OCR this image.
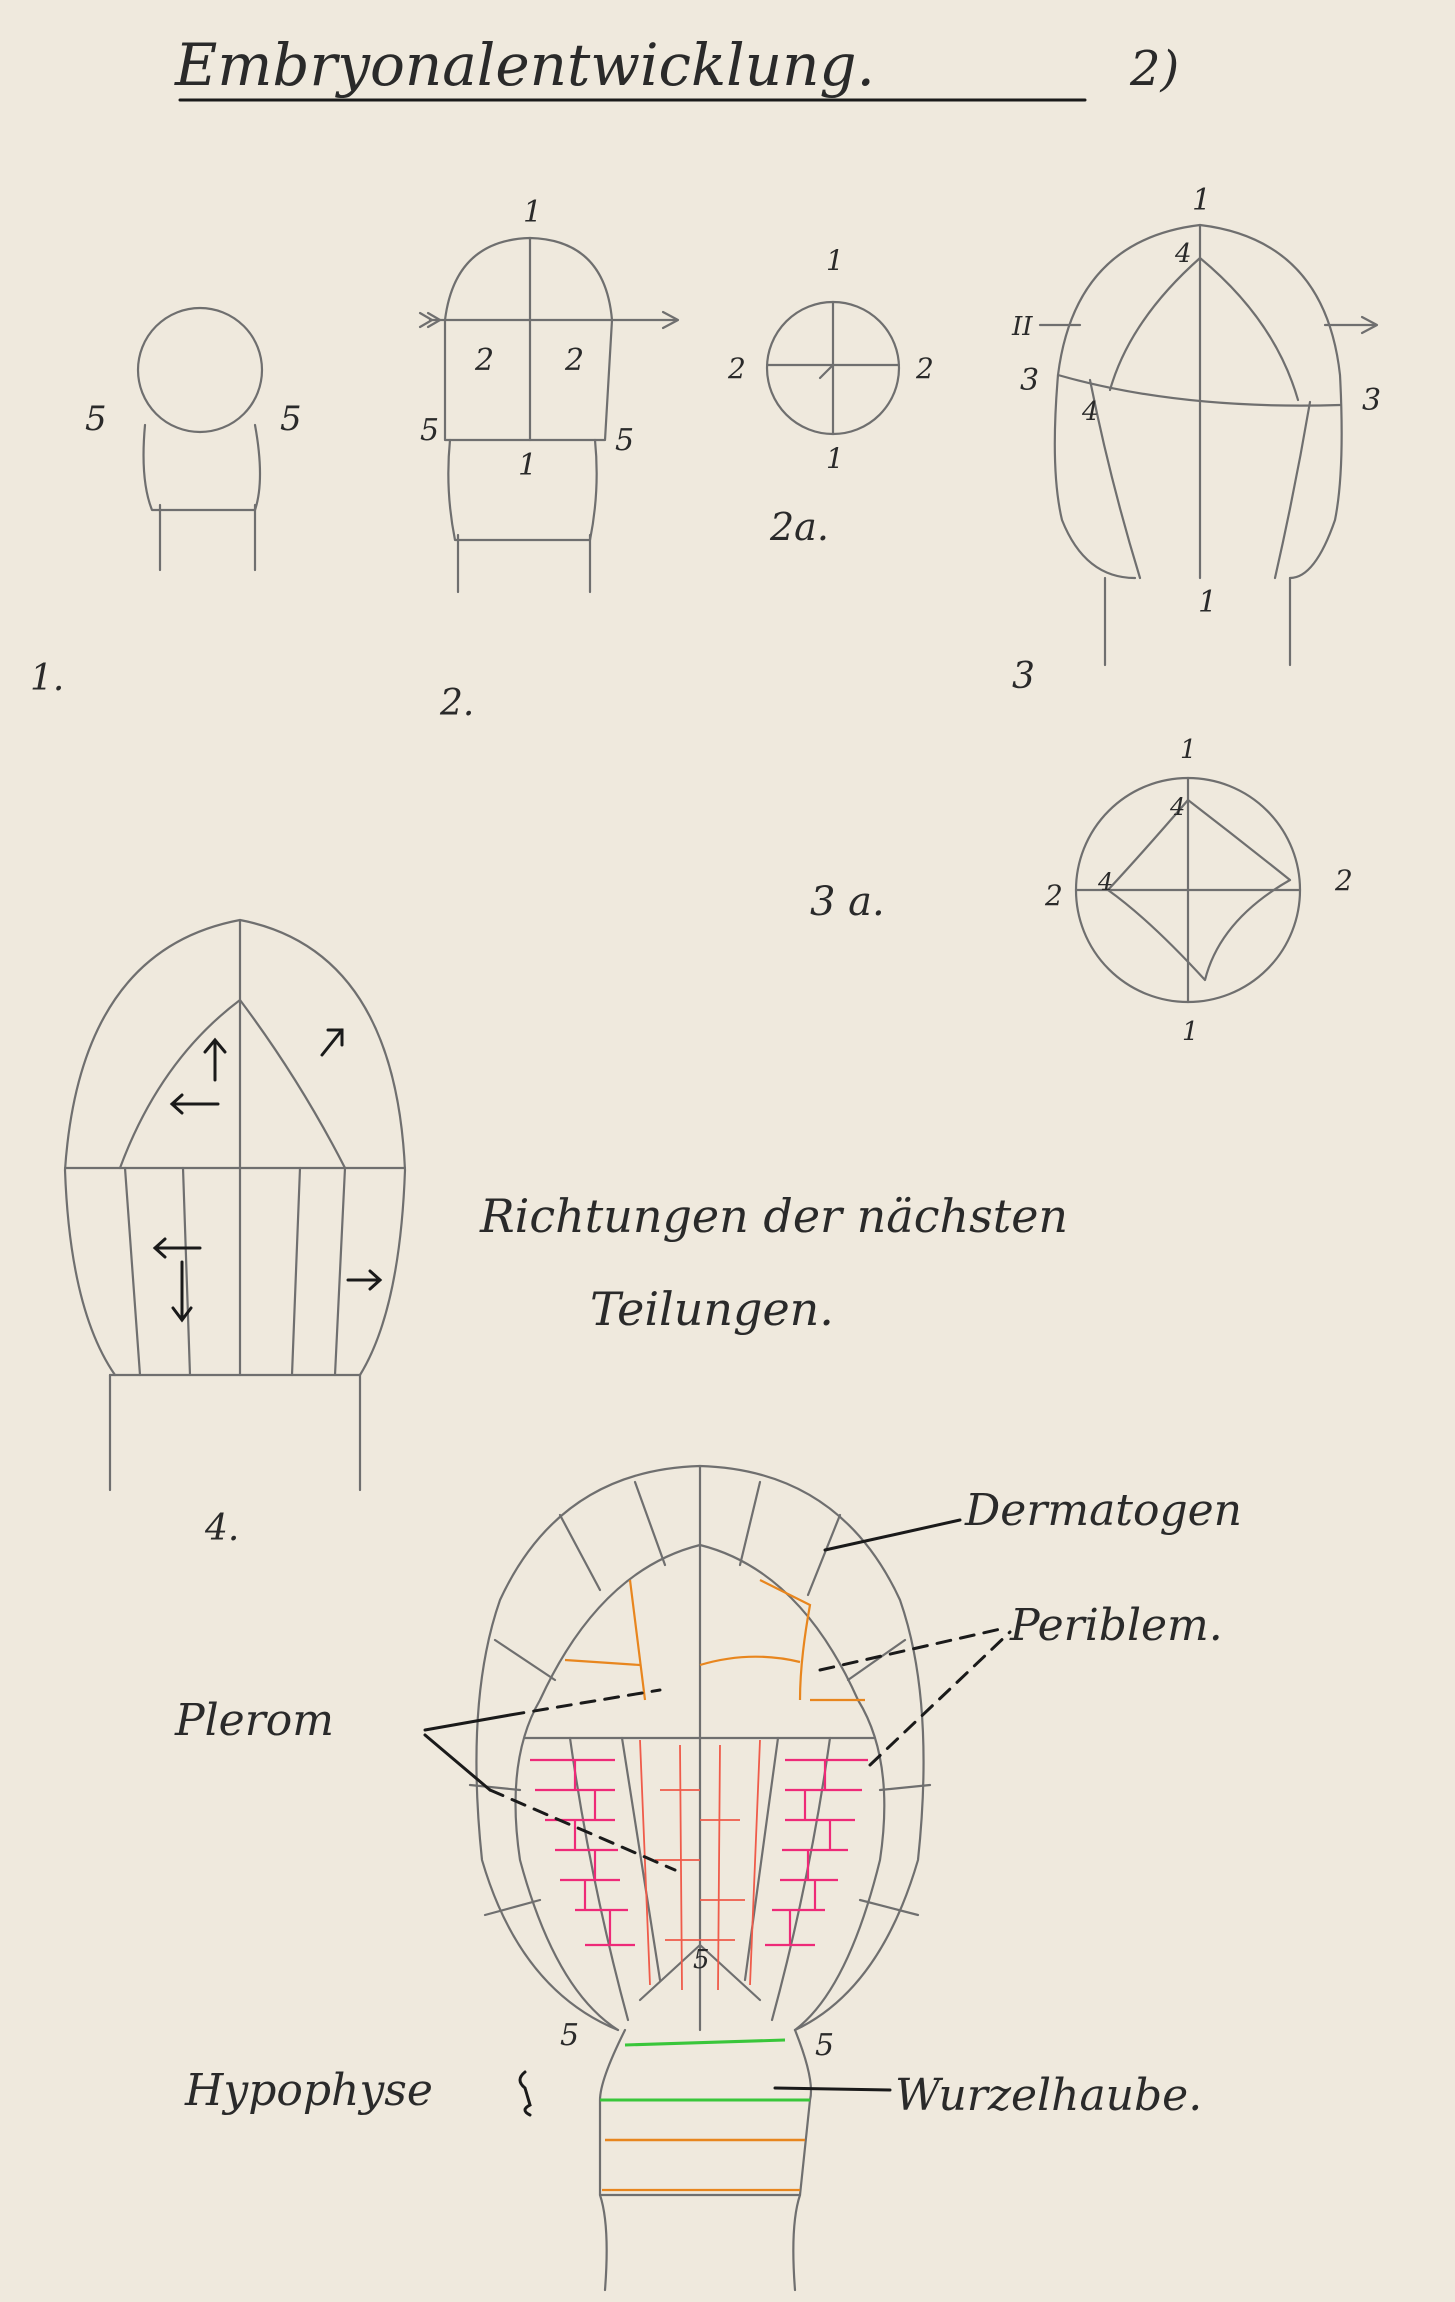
Embryonalentwicklung.	2)
5	5
1.
1
2 2
5	5
1
2.
1
2	2
1
2a.
1
4
II
3
3
4
1
3
1
4
2 4	2
1
3 a.
4.
Richtungen der nächsten
Teilungen.
5
5	5
Dermatogen
Periblem.
Plerom
Hypophyse	Wurzelhaube.
